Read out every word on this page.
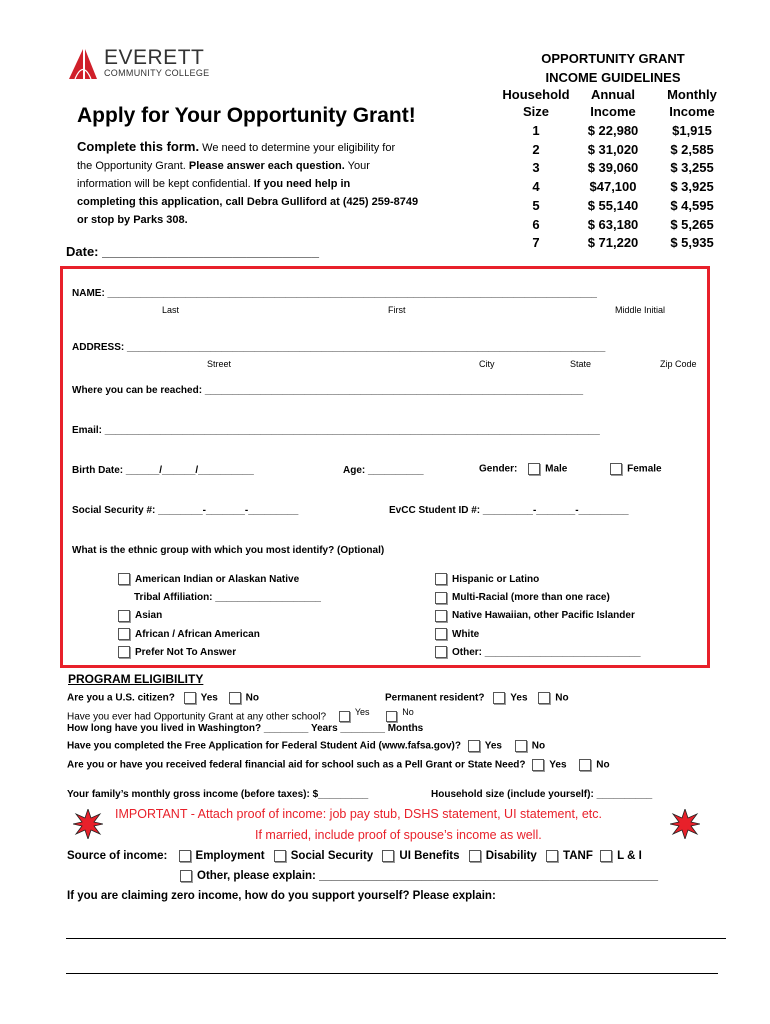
EVERETT
COMMUNITY COLLEGE
OPPORTUNITY GRANT
INCOME GUIDELINES
Household
Size
Annual
Income
Monthly
Income
1	$ 22,980	$1,915
2	$ 31,020	$ 2,585
3	$ 39,060	$ 3,255
4	$47,100	$ 3,925
5	$ 55,140	$ 4,595
6	$ 63,180	$ 5,265
7	$ 71,220	$ 5,935
Apply for Your Opportunity Grant!
Complete this form. We need to determine your eligibility for
the Opportunity Grant. Please answer each question. Your
information will be kept confidential. If you need help in
completing this application, call Debra Gulliford at (425) 259-8749
or stop by Parks 308.
Date: ______________________________
NAME: ________________________________________________________________________________________
Last	First	Middle Initial
ADDRESS: ______________________________________________________________________________________
Street	City	State	Zip Code
Where you can be reached: ____________________________________________________________________
Email: _________________________________________________________________________________________
Birth Date: ______/______/__________	Age: __________	Gender:	Male	Female
Social Security #: ________-_______-_________	EvCC Student ID #: _________-_______-_________
What is the ethnic group with which you most identify? (Optional)
American Indian or Alaskan Native
Tribal Affiliation: ___________________
Asian
African / African American
Prefer Not To Answer
Hispanic or Latino
Multi-Racial (more than one race)
Native Hawaiian, other Pacific Islander
White
Other: ____________________________
PROGRAM ELIGIBILITY
Are you a U.S. citizen?	Yes	No	Permanent resident?	Yes	No
Have you ever had Opportunity Grant at any other school?	Yes	No
How long have you lived in Washington? ________ Years ________ Months
Have you completed the Free Application for Federal Student Aid (www.fafsa.gov)? Yes	No
Are you or have you received federal financial aid for school such as a Pell Grant or State Need? Yes	No
Your family’s monthly gross income (before taxes): $_________	Household size (include yourself): __________
IMPORTANT - Attach proof of income: job pay stub, DSHS statement, UI statement, etc.
If married, include proof of spouse’s income as well.
Source of income: Employment Social Security UI Benefits Disability TANF L & I
Other, please explain: _____________________________________________________
If you are claiming zero income, how do you support yourself? Please explain:
